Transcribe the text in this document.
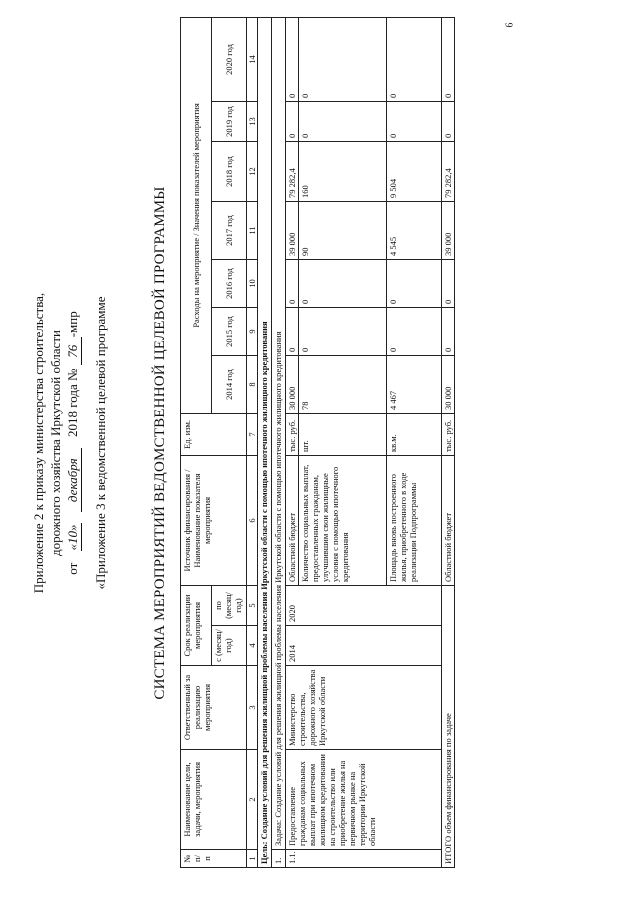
9
Приложение 2 к приказу министерства строительства, дорожного хозяйства Иркутской области
от «10» декабря 2018 года № 76-мпр «Приложение 3 к ведомственной целевой программе	СИСТЕМА МЕРОПРИЯТИЙ ВЕДОМСТВЕННОЙ ЦЕЛЕВОЙ ПРОГРАММЫ
№ п/п	Наименование цели, задачи, мероприятия	Ответственный за реализацию мероприятия	Срок реализации мероприятия		Источник финансирования / Наименование показателя мероприятия	Ед. изм.	Расходы на мероприятие / Значения показателей мероприятия						
			с (месяц/год)	по (месяц/год)			2014 год	2015 год	2016 год	2017 год	2018 год	2019 год	2020 год
1	2	3	4	5	6	7	8	9	10	11	12	13	14
Цель: Создание условий для решения жилищной проблемы населения Иркутской области с помощью ипотечного жилищного кредитования													
1.	Задача: Создание условий для решения жилищной проблемы населения Иркутской области с помощью ипотечного жилищного кредитования												
1.1.	Предоставление гражданам социальных выплат при ипотечном жилищном кредитовании на строительство или приобретение жилья на первичном рынке на территории Иркутской области	Министерство строительства, дорожного хозяйства Иркутской области	2014	2020	Областной бюджет	тыс. руб.	30 000	0	0	39 000	79 282,4	0	0
					Количество социальных выплат, предоставленных гражданам, улучшившим свои жилищные условия с помощью ипотечного кредитования	шт.	78	0	0	90	160	0	0
					Площадь вновь построенного жилья, приобретенного в ходе реализации Подпрограммы	кв.м.	4 467	0	0	4 545	9 504	0	0
ИТОГО объем финансирования по задаче					Областной бюджет	тыс. руб.	30 000	0	0	39 000	79 282,4	0	0
